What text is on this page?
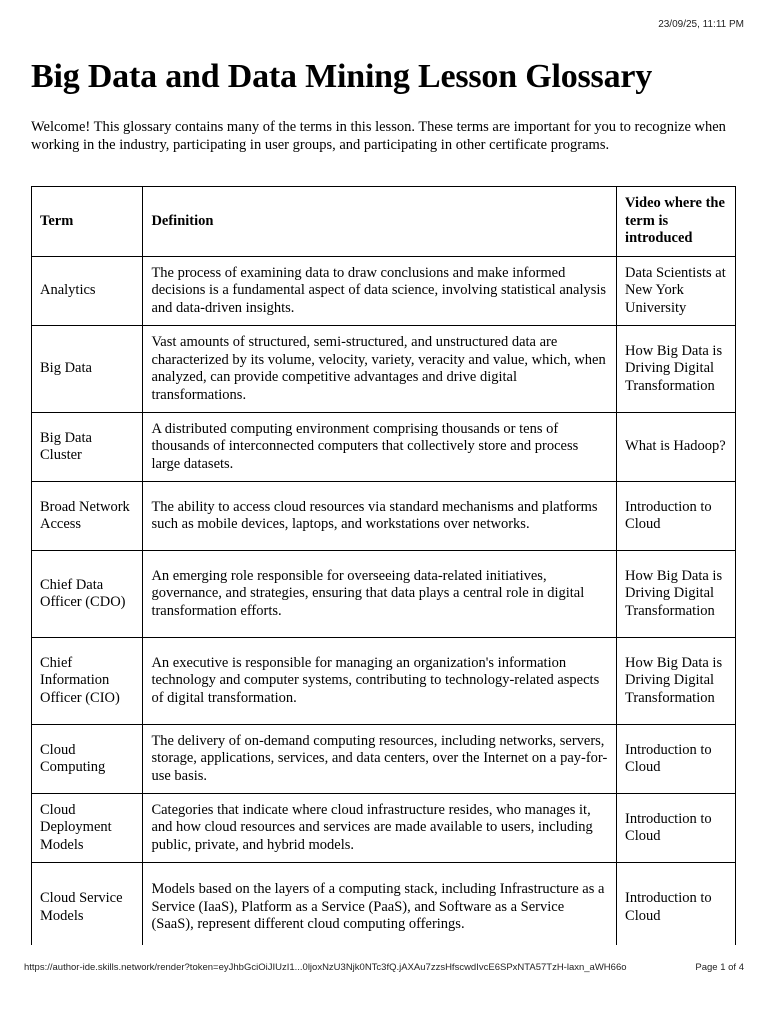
23/09/25, 11:11 PM
Big Data and Data Mining Lesson Glossary

Welcome! This glossary contains many of the terms in this lesson. These terms are important for you to recognize when working in the industry, participating in user groups, and participating in other certificate programs.

Term	Definition	Video where the term is introduced
Analytics	The process of examining data to draw conclusions and make informed decisions is a fundamental aspect of data science, involving statistical analysis and data-driven insights.	Data Scientists at New York University
Big Data	Vast amounts of structured, semi-structured, and unstructured data are characterized by its volume, velocity, variety, veracity and value, which, when analyzed, can provide competitive advantages and drive digital transformations.	How Big Data is Driving Digital Transformation
Big Data Cluster	A distributed computing environment comprising thousands or tens of thousands of interconnected computers that collectively store and process large datasets.	What is Hadoop?
Broad Network Access	The ability to access cloud resources via standard mechanisms and platforms such as mobile devices, laptops, and workstations over networks.	Introduction to Cloud
Chief Data Officer (CDO)	An emerging role responsible for overseeing data-related initiatives, governance, and strategies, ensuring that data plays a central role in digital transformation efforts.	How Big Data is Driving Digital Transformation
Chief Information Officer (CIO)	An executive is responsible for managing an organization's information technology and computer systems, contributing to technology-related aspects of digital transformation.	How Big Data is Driving Digital Transformation
Cloud Computing	The delivery of on-demand computing resources, including networks, servers, storage, applications, services, and data centers, over the Internet on a pay-for-use basis.	Introduction to Cloud
Cloud Deployment Models	Categories that indicate where cloud infrastructure resides, who manages it, and how cloud resources and services are made available to users, including public, private, and hybrid models.	Introduction to Cloud
Cloud Service Models	Models based on the layers of a computing stack, including Infrastructure as a Service (IaaS), Platform as a Service (PaaS), and Software as a Service (SaaS), represent different cloud computing offerings.	Introduction to Cloud
https://author-ide.skills.network/render?token=eyJhbGciOiJIUzI1...0ljoxNzU3Njk0NTc3fQ.jAXAu7zzsHfscwdIvcE6SPxNTA57TzH-laxn_aWH66o	Page 1 of 4
